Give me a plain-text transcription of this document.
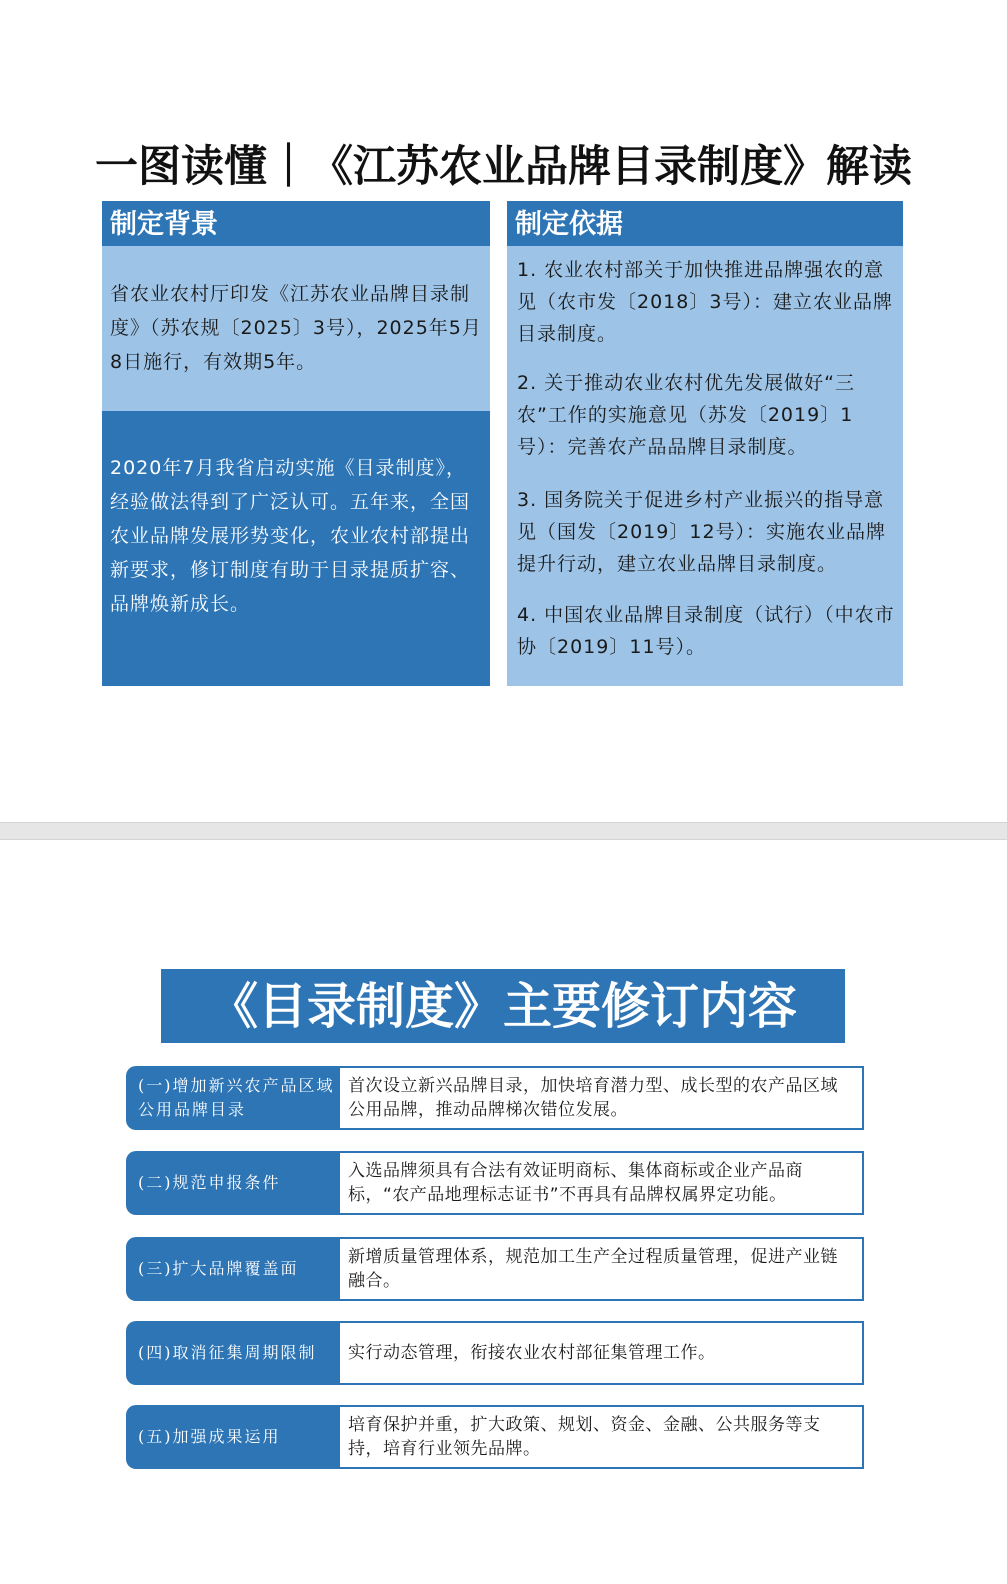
一图读懂｜《江苏农业品牌目录制度》解读
制定背景
省农业农村厅印发《江苏农业品牌目录制度》（苏农规〔2025〕3号），2025年5月8日施行，有效期5年。
2020年7月我省启动实施《目录制度》，经验做法得到了广泛认可。五年来，全国农业品牌发展形势变化，农业农村部提出新要求，修订制度有助于目录提质扩容、品牌焕新成长。
制定依据
1. 农业农村部关于加快推进品牌强农的意见（农市发〔2018〕3号）：建立农业品牌目录制度。
2. 关于推动农业农村优先发展做好“三农”工作的实施意见（苏发〔2019〕1号）：完善农产品品牌目录制度。
3. 国务院关于促进乡村产业振兴的指导意见（国发〔2019〕12号）：实施农业品牌提升行动，建立农业品牌目录制度。
4. 中国农业品牌目录制度（试行）（中农市协〔2019〕11号）。
《目录制度》主要修订内容
(一)增加新兴农产品区域公用品牌目录
首次设立新兴品牌目录，加快培育潜力型、成长型的农产品区域公用品牌，推动品牌梯次错位发展。
(二)规范申报条件
入选品牌须具有合法有效证明商标、集体商标或企业产品商标，“农产品地理标志证书”不再具有品牌权属界定功能。
(三)扩大品牌覆盖面
新增质量管理体系，规范加工生产全过程质量管理，促进产业链融合。
(四)取消征集周期限制	实行动态管理，衔接农业农村部征集管理工作。
(五)加强成果运用
培育保护并重，扩大政策、规划、资金、金融、公共服务等支持，培育行业领先品牌。
